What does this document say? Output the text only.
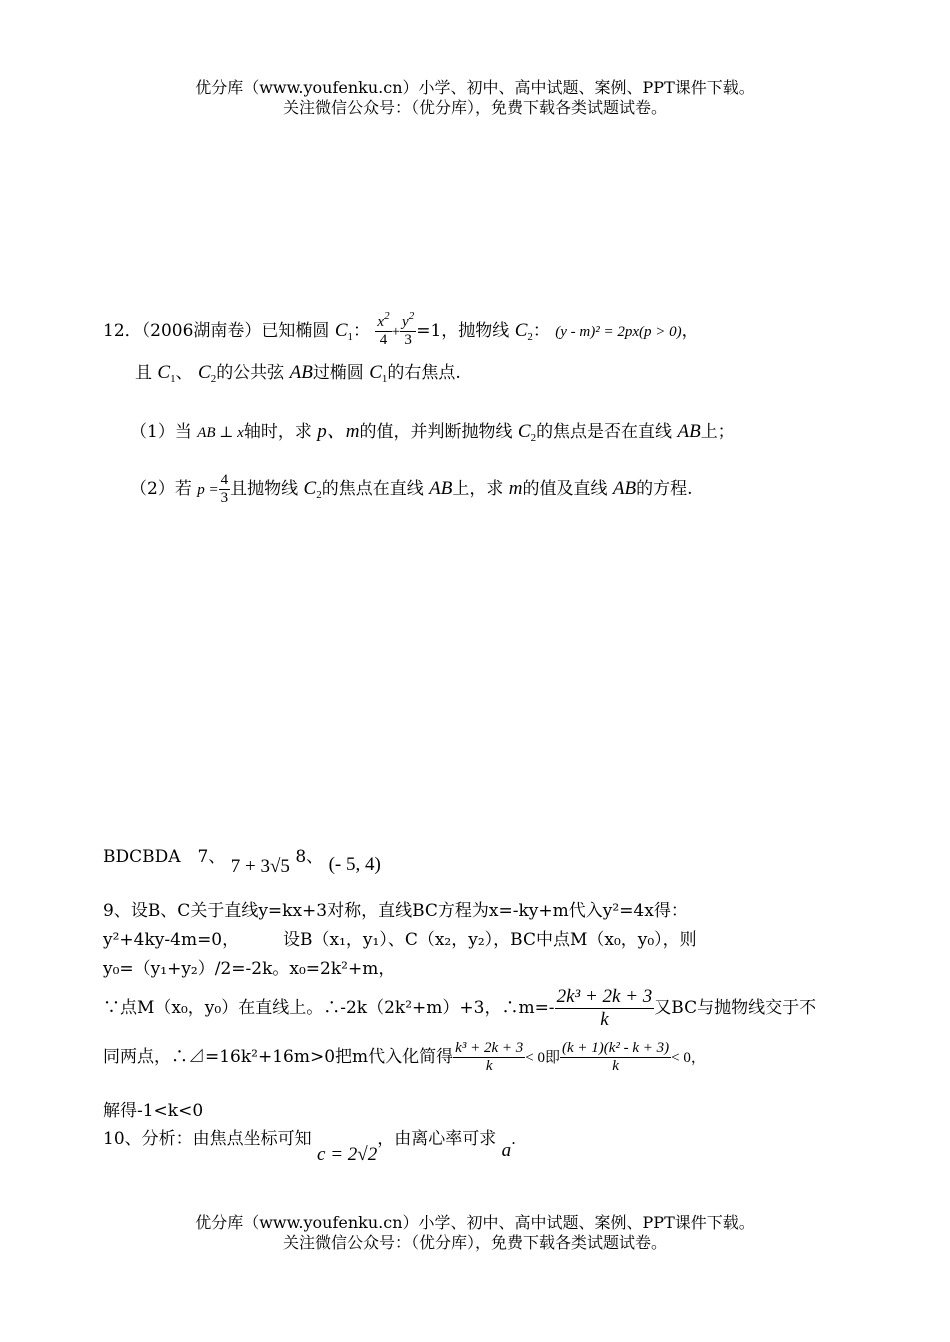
优分库（www.youfenku.cn）小学、初中、高中试题、案例、PPT课件下载。
关注微信公众号：（优分库），免费下载各类试题试卷。
12．（2006湖南卷）已知椭圆 $C_1$： $\frac{x^2}{4} + \frac{y^2}{3} =1$，抛物线 $C_2$： (y - m)² = 2px(p > 0)，
且 $C_1$、 $C_2$的公共弦 AB过椭圆 $C_1$的右焦点.
（1）当 AB ⊥ x轴时，求 p、m的值，并判断抛物线 $C_2$的焦点是否在直线 AB上；
（2）若 $p = \frac{4}{3}$ 且抛物线 $C_2$的焦点在直线 AB上，求 m的值及直线 AB的方程.
BDCBDA　7、 7 + 3√5 8、 (- 5, 4)
9、设B、C关于直线y=kx+3对称，直线BC方程为x=-ky+m代入y²=4x得：
y²+4ky-4m=0，	设B（x₁，y₁）、C（x₂，y₂），BC中点M（x₀，y₀），则
y₀=（y₁+y₂）/2=-2k。x₀=2k²+m，
∵点M（x₀，y₀）在直线上。∴-2k（2k²+m）+3，∴m=- $\frac{\text{2k³ + 2k + 3}}{k}$ 又BC与抛物线交于不
同两点，∴⊿=16k²+16m>0把m代入化简得 $\frac{\text{k³ + 2k + 3}}{k} < 0$即 $\frac{\text{(k + 1)(k² - k + 3)}}{k} < 0$，
解得-1<k<0
10、分析：由焦点坐标可知 c = 2√2，由离心率可求 a.
优分库（www.youfenku.cn）小学、初中、高中试题、案例、PPT课件下载。
关注微信公众号：（优分库），免费下载各类试题试卷。
